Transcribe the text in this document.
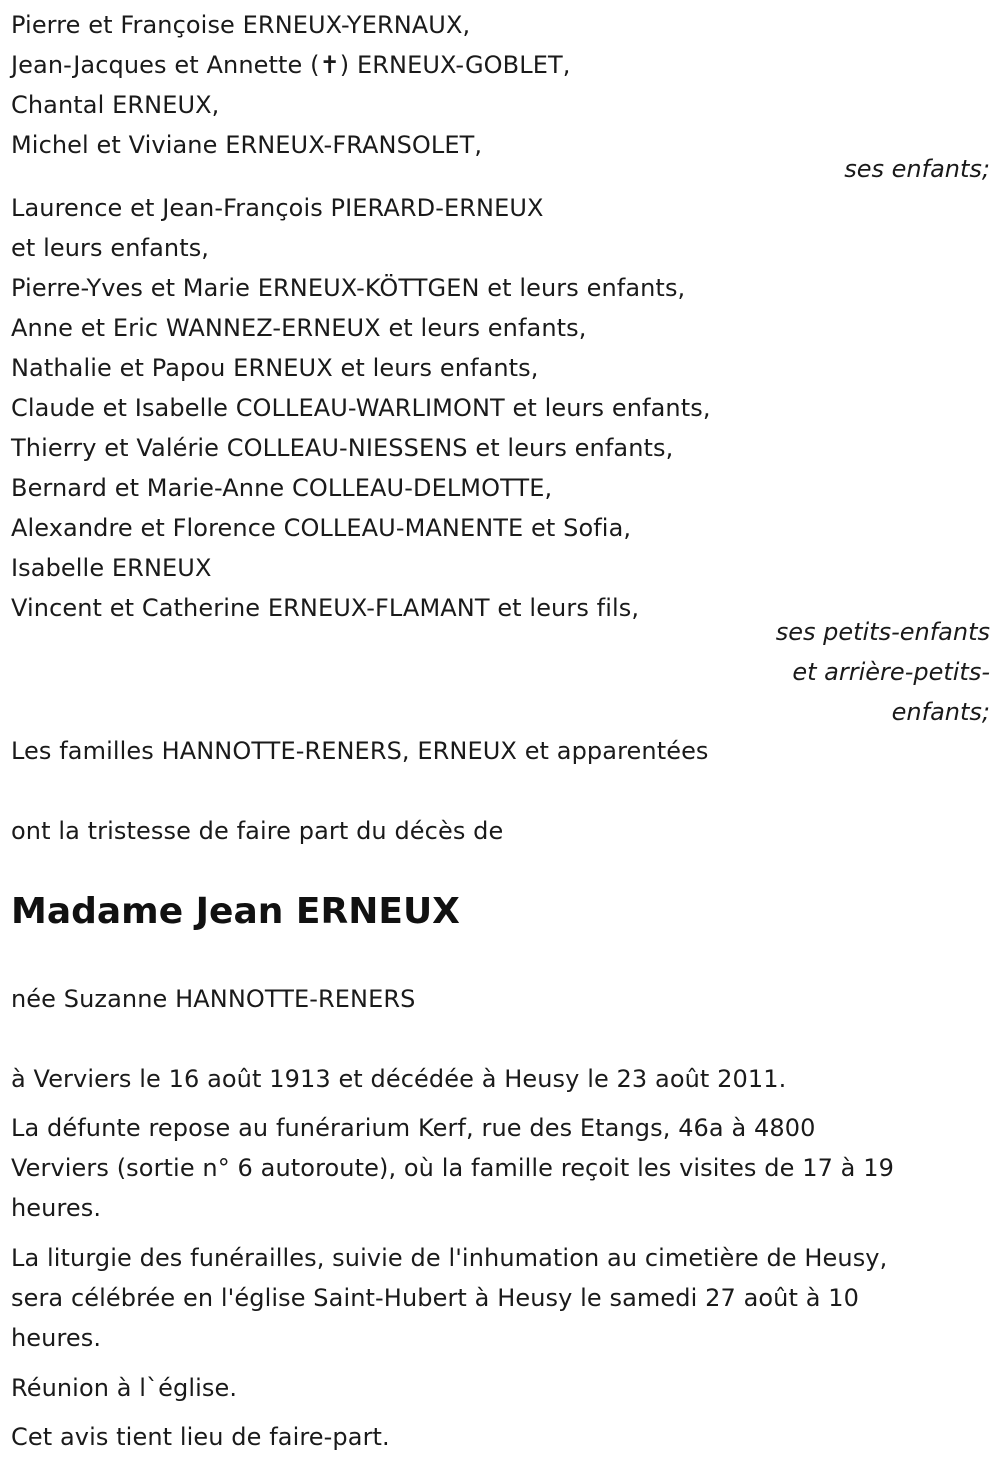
Pierre et Françoise ERNEUX-YERNAUX,
Jean-Jacques et Annette (✝) ERNEUX-GOBLET,
Chantal ERNEUX,
Michel et Viviane ERNEUX-FRANSOLET,
ses enfants;
Laurence et Jean-François PIERARD-ERNEUX
et leurs enfants,
Pierre-Yves et Marie ERNEUX-KÖTTGEN et leurs enfants,
Anne et Eric WANNEZ-ERNEUX et leurs enfants,
Nathalie et Papou ERNEUX et leurs enfants,
Claude et Isabelle COLLEAU-WARLIMONT et leurs enfants,
Thierry et Valérie COLLEAU-NIESSENS et leurs enfants,
Bernard et Marie-Anne COLLEAU-DELMOTTE,
Alexandre et Florence COLLEAU-MANENTE et Sofia,
Isabelle ERNEUX
Vincent et Catherine ERNEUX-FLAMANT et leurs fils,
ses petits-enfants
et arrière-petits-
enfants;
Les familles HANNOTTE-RENERS, ERNEUX et apparentées
ont la tristesse de faire part du décès de
Madame Jean ERNEUX
née Suzanne HANNOTTE-RENERS
à Verviers le 16 août 1913 et décédée à Heusy le 23 août 2011.
La défunte repose au funérarium Kerf, rue des Etangs, 46a à 4800
Verviers (sortie n° 6 autoroute), où la famille reçoit les visites de 17 à 19
heures.
La liturgie des funérailles, suivie de l'inhumation au cimetière de Heusy,
sera célébrée en l'église Saint-Hubert à Heusy le samedi 27 août à 10
heures.
Réunion à l`église.
Cet avis tient lieu de faire-part.
